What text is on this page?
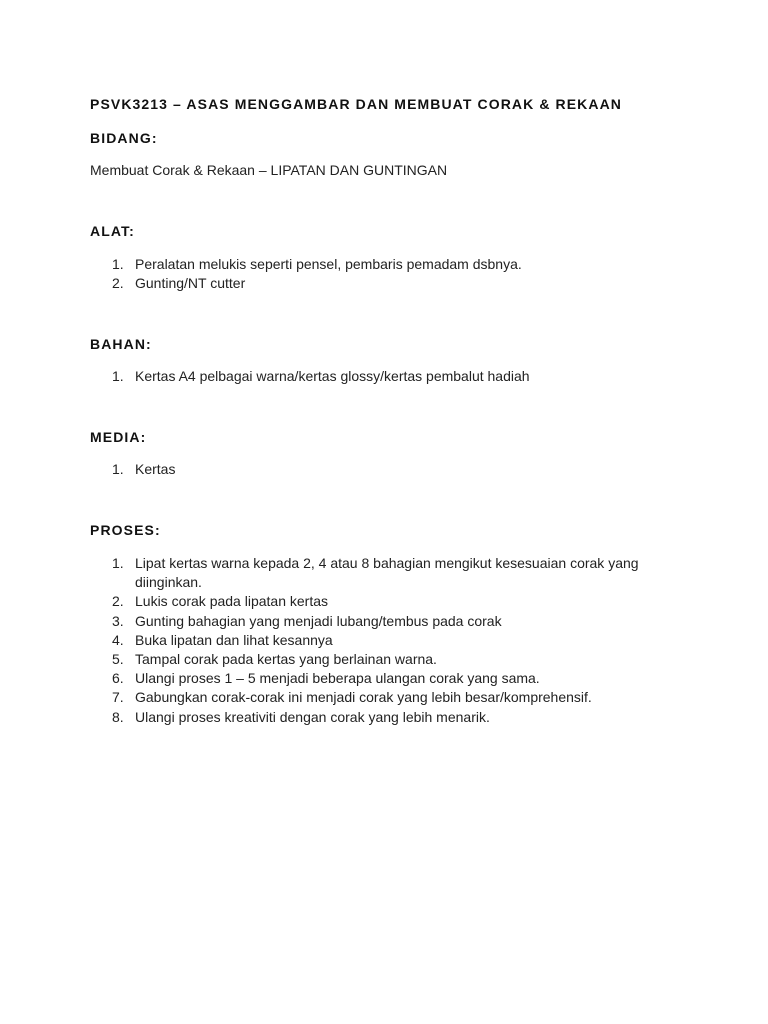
PSVK3213 – ASAS MENGGAMBAR DAN MEMBUAT CORAK & REKAAN
BIDANG:

Membuat Corak & Rekaan – LIPATAN DAN GUNTINGAN

ALAT:
1. Peralatan melukis seperti pensel, pembaris pemadam dsbnya.
2. Gunting/NT cutter
BAHAN:
1. Kertas A4 pelbagai warna/kertas glossy/kertas pembalut hadiah
MEDIA:
1. Kertas
PROSES:
1. Lipat kertas warna kepada 2, 4 atau 8 bahagian mengikut kesesuaian corak yang diinginkan.
2. Lukis corak pada lipatan kertas
3. Gunting bahagian yang menjadi lubang/tembus pada corak
4. Buka lipatan dan lihat kesannya
5. Tampal corak pada kertas yang berlainan warna.
6. Ulangi proses 1 – 5 menjadi beberapa ulangan corak yang sama.
7. Gabungkan corak-corak ini menjadi corak yang lebih besar/komprehensif.
8. Ulangi proses kreativiti dengan corak yang lebih menarik.
